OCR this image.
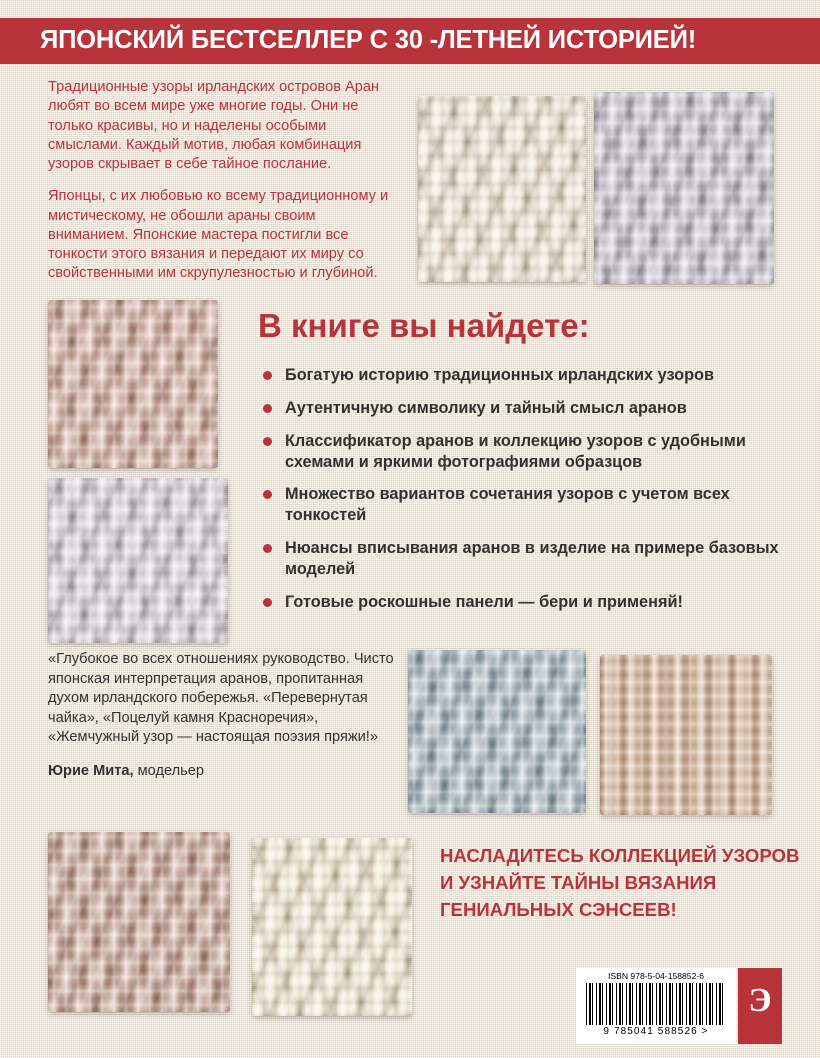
ЯПОНСКИЙ БЕСТСЕЛЛЕР С 30 -ЛЕТНЕЙ ИСТОРИЕЙ!

Традиционные узоры ирландских островов Аран любят во всем мире уже многие годы. Они не только красивы, но и наделены особыми смыслами. Каждый мотив, любая комбинация узоров скрывает в себе тайное послание.

Японцы, с их любовью ко всему традиционному и мистическому, не обошли араны своим вниманием. Японские мастера постигли все тонкости этого вязания и передают их миру со свойственными им скрупулезностью и глубиной.

В книге вы найдете:
Богатую историю традиционных ирландских узоров
Аутентичную символику и тайный смысл аранов
Классификатор аранов и коллекцию узоров с удобными схемами и яркими фотографиями образцов
Множество вариантов сочетания узоров с учетом всех тонкостей
Нюансы вписывания аранов в изделие на примере базовых моделей
Готовые роскошные панели — бери и применяй!

«Глубокое во всех отношениях руководство. Чисто японская интерпретация аранов, пропитанная духом ирландского побережья. «Перевернутая чайка», «Поцелуй камня Красноречия», «Жемчужный узор — настоящая поэзия пряжи!»

Юрие Мита, модельер
НАСЛАДИТЕСЬ КОЛЛЕКЦИЕЙ УЗОРОВ И УЗНАЙТЕ ТАЙНЫ ВЯЗАНИЯ ГЕНИАЛЬНЫХ СЭНСЕЕВ!
ISBN 978-5-04-158852-6
9 785041 588526 >
Э
